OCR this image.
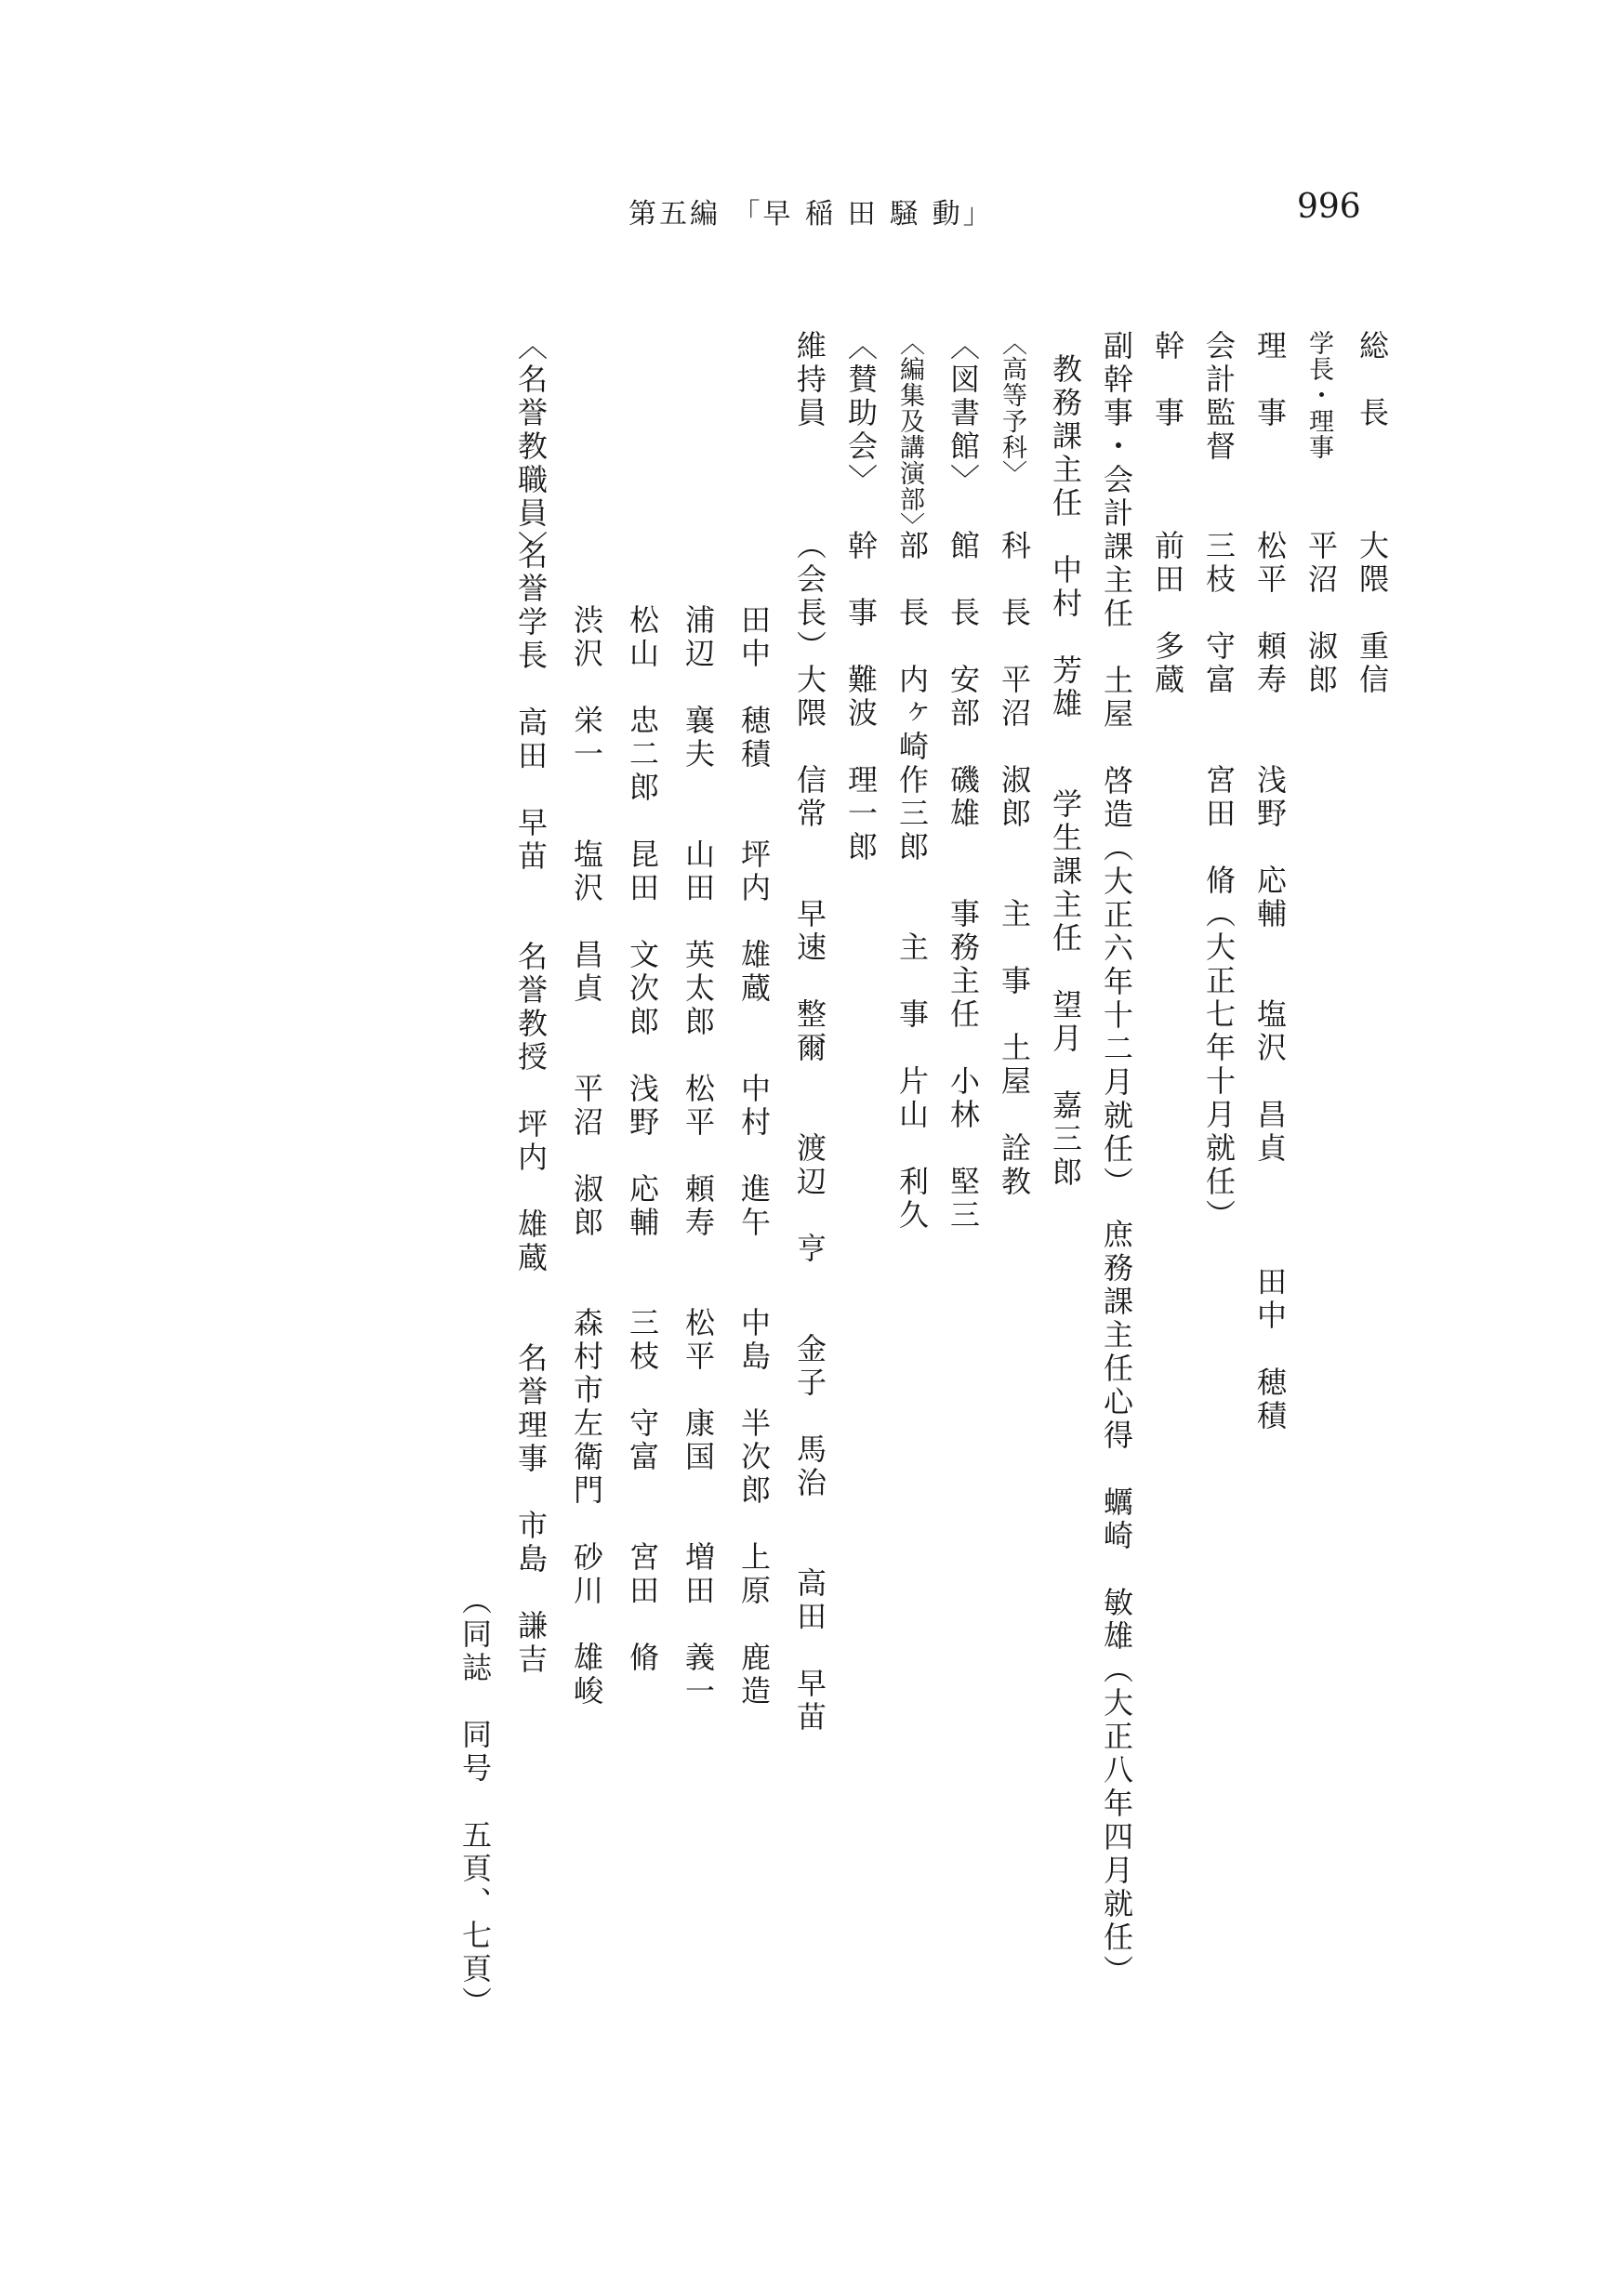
第五編 「早 稲 田 騒 動」	996
総　長
大隈　重信
学長・理事
平沼　淑郎
理　事
松平　頼寿　　浅野　応輔　　塩沢　昌貞　　　田中　穂積
会計監督
三枝　守富　　宮田　脩（大正七年十月就任）
幹　事
前田　多蔵
副幹事・会計課主任　土屋　啓造（大正六年十二月就任）　庶務課主任心得　蠣崎　敏雄（大正八年四月就任）
教務課主任　中村　芳雄　　学生課主任　望月　嘉三郎
〈高等予科〉
科　長　平沼　淑郎　　主　事　土屋　詮教
〈図書館〉
館　長　安部　磯雄　　事務主任　小林　堅三
〈編集及講演部〉
部　長　内ヶ崎作三郎　　主　事　片山　利久
〈賛助会〉
幹　事　難波　理一郎
維持員
（会長）大隈　信常　　早速　整爾　　渡辺　亨　　金子　馬治　　高田　早苗
田中　穂積　　坪内　雄蔵　　中村　進午　　中島　半次郎　上原　鹿造
浦辺　襄夫　　山田　英太郎　松平　頼寿　　松平　康国　　増田　義一
松山　忠二郎　昆田　文次郎　浅野　応輔　　三枝　守富　　宮田　脩
渋沢　栄一　　塩沢　昌貞　　平沼　淑郎　　森村市左衛門　砂川　雄峻
〈名誉教職員〉
名誉学長　高田　早苗　　名誉教授　坪内　雄蔵　　名誉理事　市島　謙吉
（同誌　同号　五頁、七頁）
